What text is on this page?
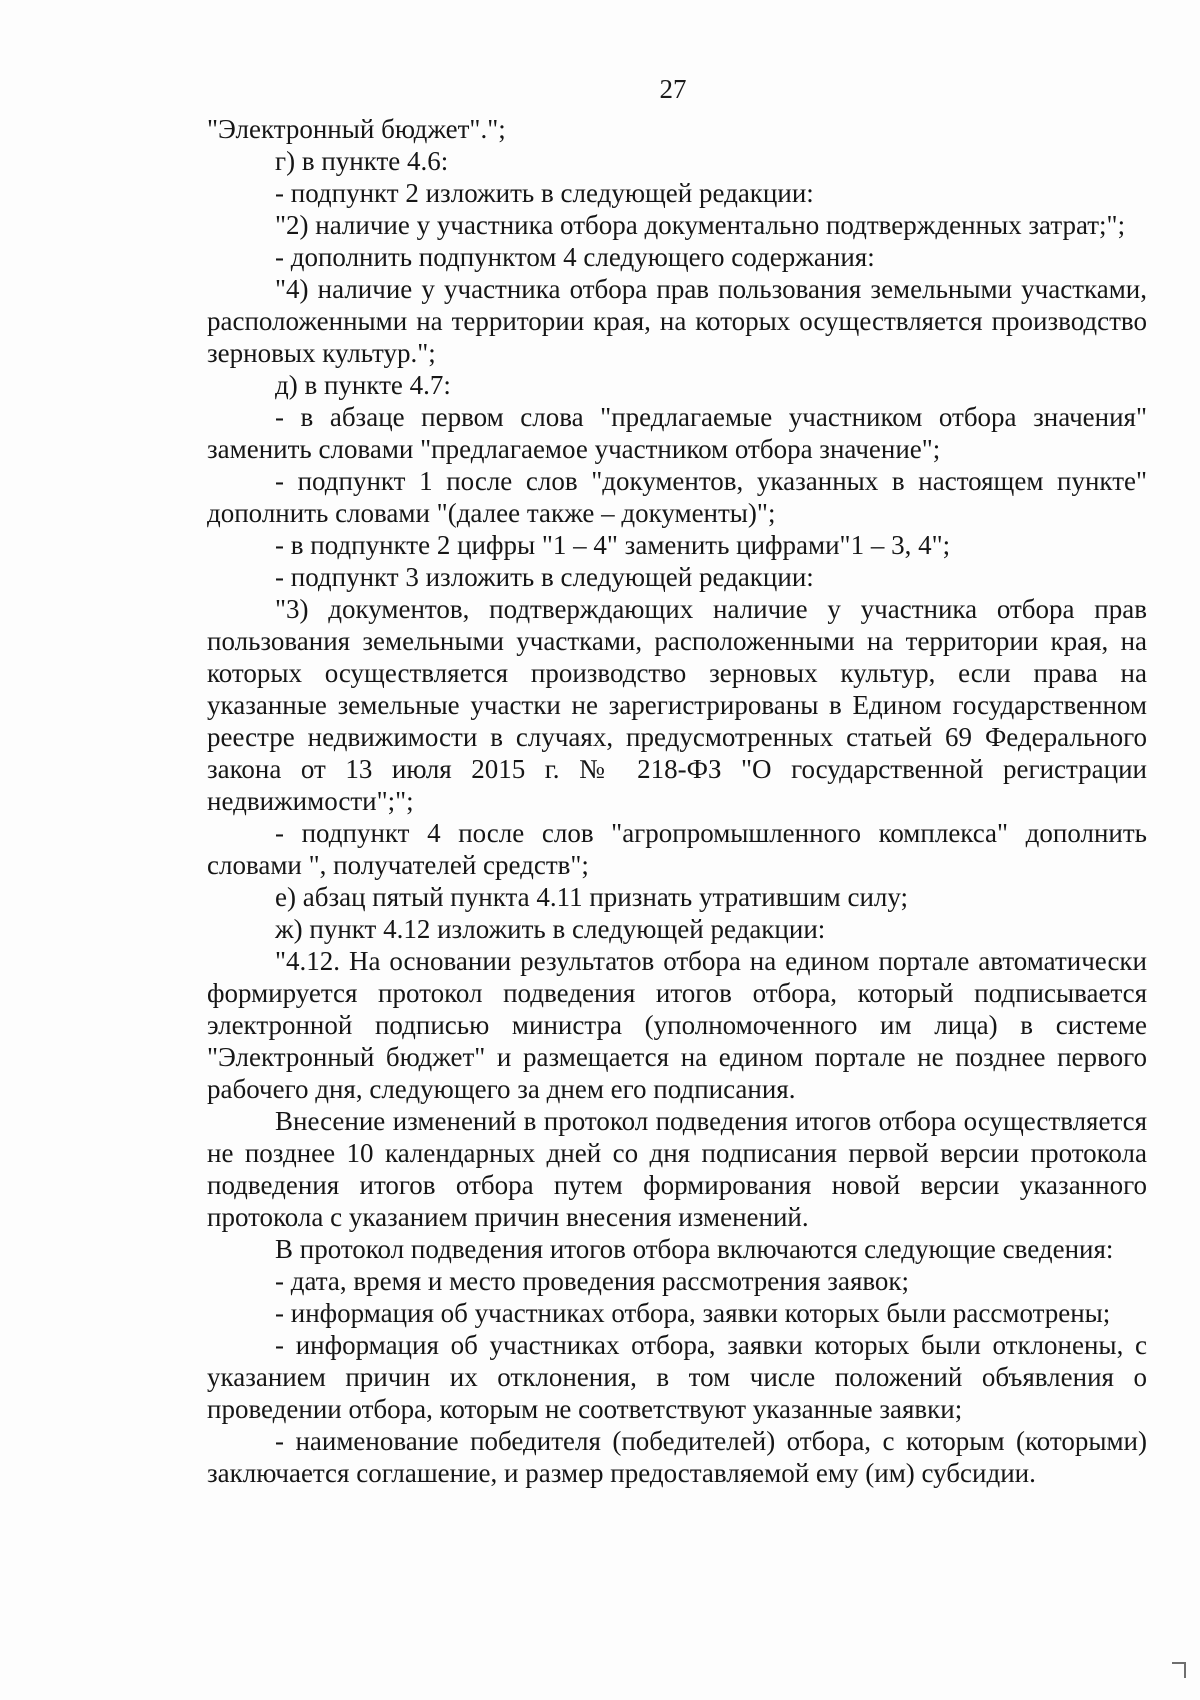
27

"Электронный бюджет".";

г) в пункте 4.6:

- подпункт 2 изложить в следующей редакции:

"2) наличие у участника отбора документально подтвержденных затрат;";

- дополнить подпунктом 4 следующего содержания:

"4) наличие у участника отбора прав пользования земельными участками, расположенными на территории края, на которых осуществляется производство зерновых культур.";

д) в пункте 4.7:

- в абзаце первом слова "предлагаемые участником отбора значения" заменить словами "предлагаемое участником отбора значение";

- подпункт 1 после слов "документов, указанных в настоящем пункте" дополнить словами "(далее также – документы)";

- в подпункте 2 цифры "1 – 4" заменить цифрами"1 – 3, 4";

- подпункт 3 изложить в следующей редакции:

"3) документов, подтверждающих наличие у участника отбора прав пользования земельными участками, расположенными на территории края, на которых осуществляется производство зерновых культур, если права на указанные земельные участки не зарегистрированы в Едином государственном реестре недвижимости в случаях, предусмотренных статьей 69 Федерального закона от 13 июля 2015 г. № 218-ФЗ "О государственной регистрации недвижимости";";

- подпункт 4 после слов "агропромышленного комплекса" дополнить словами ", получателей средств";

е) абзац пятый пункта 4.11 признать утратившим силу;

ж) пункт 4.12 изложить в следующей редакции:

"4.12. На основании результатов отбора на едином портале автоматически формируется протокол подведения итогов отбора, который подписывается электронной подписью министра (уполномоченного им лица) в системе "Электронный бюджет" и размещается на едином портале не позднее первого рабочего дня, следующего за днем его подписания.

Внесение изменений в протокол подведения итогов отбора осуществляется не позднее 10 календарных дней со дня подписания первой версии протокола подведения итогов отбора путем формирования новой версии указанного протокола с указанием причин внесения изменений.

В протокол подведения итогов отбора включаются следующие сведения:

- дата, время и место проведения рассмотрения заявок;

- информация об участниках отбора, заявки которых были рассмотрены;

- информация об участниках отбора, заявки которых были отклонены, с указанием причин их отклонения, в том числе положений объявления о проведении отбора, которым не соответствуют указанные заявки;

- наименование победителя (победителей) отбора, с которым (которыми) заключается соглашение, и размер предоставляемой ему (им) субсидии.
